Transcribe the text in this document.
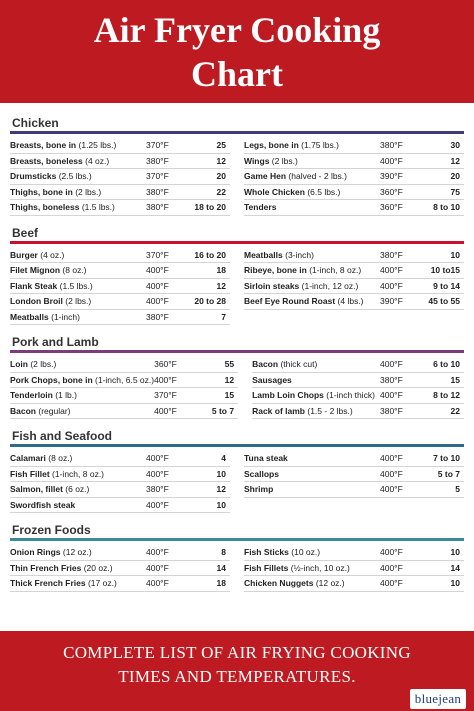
Air Fryer Cooking
Chart
Chicken
Breasts, bone in (1.25 lbs.)	370°F	25
Breasts, boneless (4 oz.)	380°F	12
Drumsticks (2.5 lbs.)	370°F	20
Thighs, bone in (2 lbs.)	380°F	22
Thighs, boneless (1.5 lbs.)	380°F	18 to 20
Legs, bone in (1.75 lbs.)	380°F	30
Wings (2 lbs.)	400°F	12
Game Hen (halved - 2 lbs.)	390°F	20
Whole Chicken (6.5 lbs.)	360°F	75
Tenders	360°F	8 to 10
Beef
Burger (4 oz.)	370°F	16 to 20
Filet Mignon (8 oz.)	400°F	18
Flank Steak (1.5 lbs.)	400°F	12
London Broil (2 lbs.)	400°F	20 to 28
Meatballs (1-inch)	380°F	7
Meatballs (3-inch)	380°F	10
Ribeye, bone in (1-inch, 8 oz.)	400°F	10 to15
Sirloin steaks (1-inch, 12 oz.)	400°F	9 to 14
Beef Eye Round Roast (4 lbs.)	390°F	45 to 55
Pork and Lamb
Loin (2 lbs.)	360°F	55
Pork Chops, bone in (1-inch, 6.5 oz.) 400°F	12
Tenderloin (1 lb.)	370°F	15
Bacon (regular)	400°F	5 to 7
Bacon (thick cut)	400°F	6 to 10
Sausages	380°F	15
Lamb Loin Chops (1-inch thick) 400°F	8 to 12
Rack of lamb (1.5 - 2 lbs.)	380°F	22
Fish and Seafood
Calamari (8 oz.)	400°F	4
Fish Fillet (1-inch, 8 oz.)	400°F	10
Salmon, fillet (6 oz.)	380°F	12
Swordfish steak	400°F	10
Tuna steak	400°F	7 to 10
Scallops	400°F	5 to 7
Shrimp	400°F	5
Frozen Foods
Onion Rings (12 oz.)	400°F	8
Thin French Fries (20 oz.)	400°F	14
Thick French Fries (17 oz.)	400°F	18
Fish Sticks (10 oz.)	400°F	10
Fish Fillets (½-inch, 10 oz.)	400°F	14
Chicken Nuggets (12 oz.)	400°F	10
COMPLETE LIST OF AIR FRYING COOKING
TIMES AND TEMPERATURES.
bluejean
